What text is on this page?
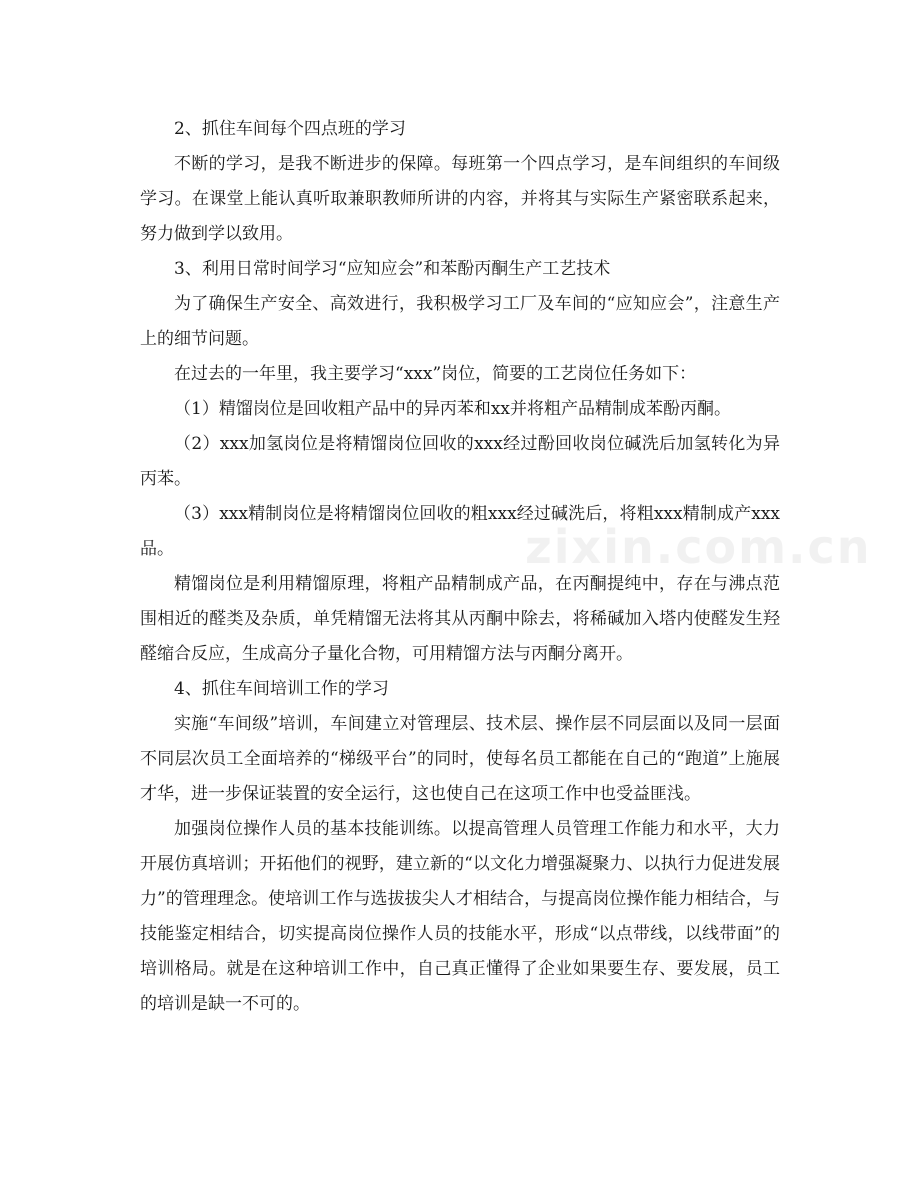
zixin.com.cn

2、抓住车间每个四点班的学习

不断的学习，是我不断进步的保障。每班第一个四点学习，是车间组织的车间级学习。在课堂上能认真听取兼职教师所讲的内容，并将其与实际生产紧密联系起来，努力做到学以致用。

3、利用日常时间学习“应知应会”和苯酚丙酮生产工艺技术

为了确保生产安全、高效进行，我积极学习工厂及车间的“应知应会”，注意生产上的细节问题。

在过去的一年里，我主要学习“xxx”岗位，简要的工艺岗位任务如下：

（1）精馏岗位是回收粗产品中的异丙苯和xx并将粗产品精制成苯酚丙酮。

（2）xxx加氢岗位是将精馏岗位回收的xxx经过酚回收岗位碱洗后加氢转化为异丙苯。

（3）xxx精制岗位是将精馏岗位回收的粗xxx经过碱洗后，将粗xxx精制成产xxx品。

精馏岗位是利用精馏原理，将粗产品精制成产品，在丙酮提纯中，存在与沸点范围相近的醛类及杂质，单凭精馏无法将其从丙酮中除去，将稀碱加入塔内使醛发生羟醛缩合反应，生成高分子量化合物，可用精馏方法与丙酮分离开。

4、抓住车间培训工作的学习

实施“车间级”培训，车间建立对管理层、技术层、操作层不同层面以及同一层面不同层次员工全面培养的“梯级平台”的同时，使每名员工都能在自己的“跑道”上施展才华，进一步保证装置的安全运行，这也使自己在这项工作中也受益匪浅。

加强岗位操作人员的基本技能训练。以提高管理人员管理工作能力和水平，大力开展仿真培训；开拓他们的视野，建立新的“以文化力增强凝聚力、以执行力促进发展力”的管理理念。使培训工作与选拔拔尖人才相结合，与提高岗位操作能力相结合，与技能鉴定相结合，切实提高岗位操作人员的技能水平，形成“以点带线，以线带面”的培训格局。就是在这种培训工作中，自己真正懂得了企业如果要生存、要发展，员工的培训是缺一不可的。
